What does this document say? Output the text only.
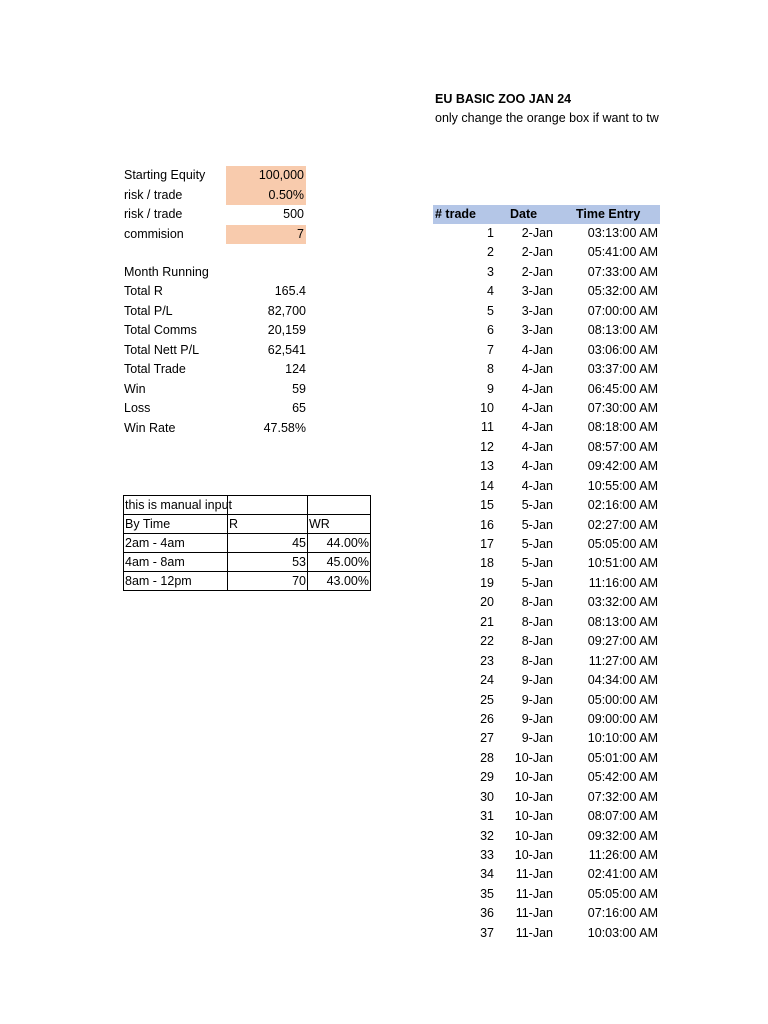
EU BASIC ZOO JAN 24
only change the orange box if want to tw
Starting Equity	100,000
risk / trade	0.50%
risk / trade	500
commision	7
Month Running
Total R	165.4
Total P/L	82,700
Total Comms	20,159
Total Nett P/L	62,541
Total Trade	124
Win	59
Loss	65
Win Rate	47.58%
this is manual input		

By Time	R	WR
2am - 4am	45	44.00%
4am - 8am	53	45.00%
8am - 12pm	70	43.00%
# trade	Date	Time Entry
1	2-Jan	03:13:00 AM
2	2-Jan	05:41:00 AM
3	2-Jan	07:33:00 AM
4	3-Jan	05:32:00 AM
5	3-Jan	07:00:00 AM
6	3-Jan	08:13:00 AM
7	4-Jan	03:06:00 AM
8	4-Jan	03:37:00 AM
9	4-Jan	06:45:00 AM
10	4-Jan	07:30:00 AM
11	4-Jan	08:18:00 AM
12	4-Jan	08:57:00 AM
13	4-Jan	09:42:00 AM
14	4-Jan	10:55:00 AM
15	5-Jan	02:16:00 AM
16	5-Jan	02:27:00 AM
17	5-Jan	05:05:00 AM
18	5-Jan	10:51:00 AM
19	5-Jan	11:16:00 AM
20	8-Jan	03:32:00 AM
21	8-Jan	08:13:00 AM
22	8-Jan	09:27:00 AM
23	8-Jan	11:27:00 AM
24	9-Jan	04:34:00 AM
25	9-Jan	05:00:00 AM
26	9-Jan	09:00:00 AM
27	9-Jan	10:10:00 AM
28	10-Jan	05:01:00 AM
29	10-Jan	05:42:00 AM
30	10-Jan	07:32:00 AM
31	10-Jan	08:07:00 AM
32	10-Jan	09:32:00 AM
33	10-Jan	11:26:00 AM
34	11-Jan	02:41:00 AM
35	11-Jan	05:05:00 AM
36	11-Jan	07:16:00 AM
37	11-Jan	10:03:00 AM
